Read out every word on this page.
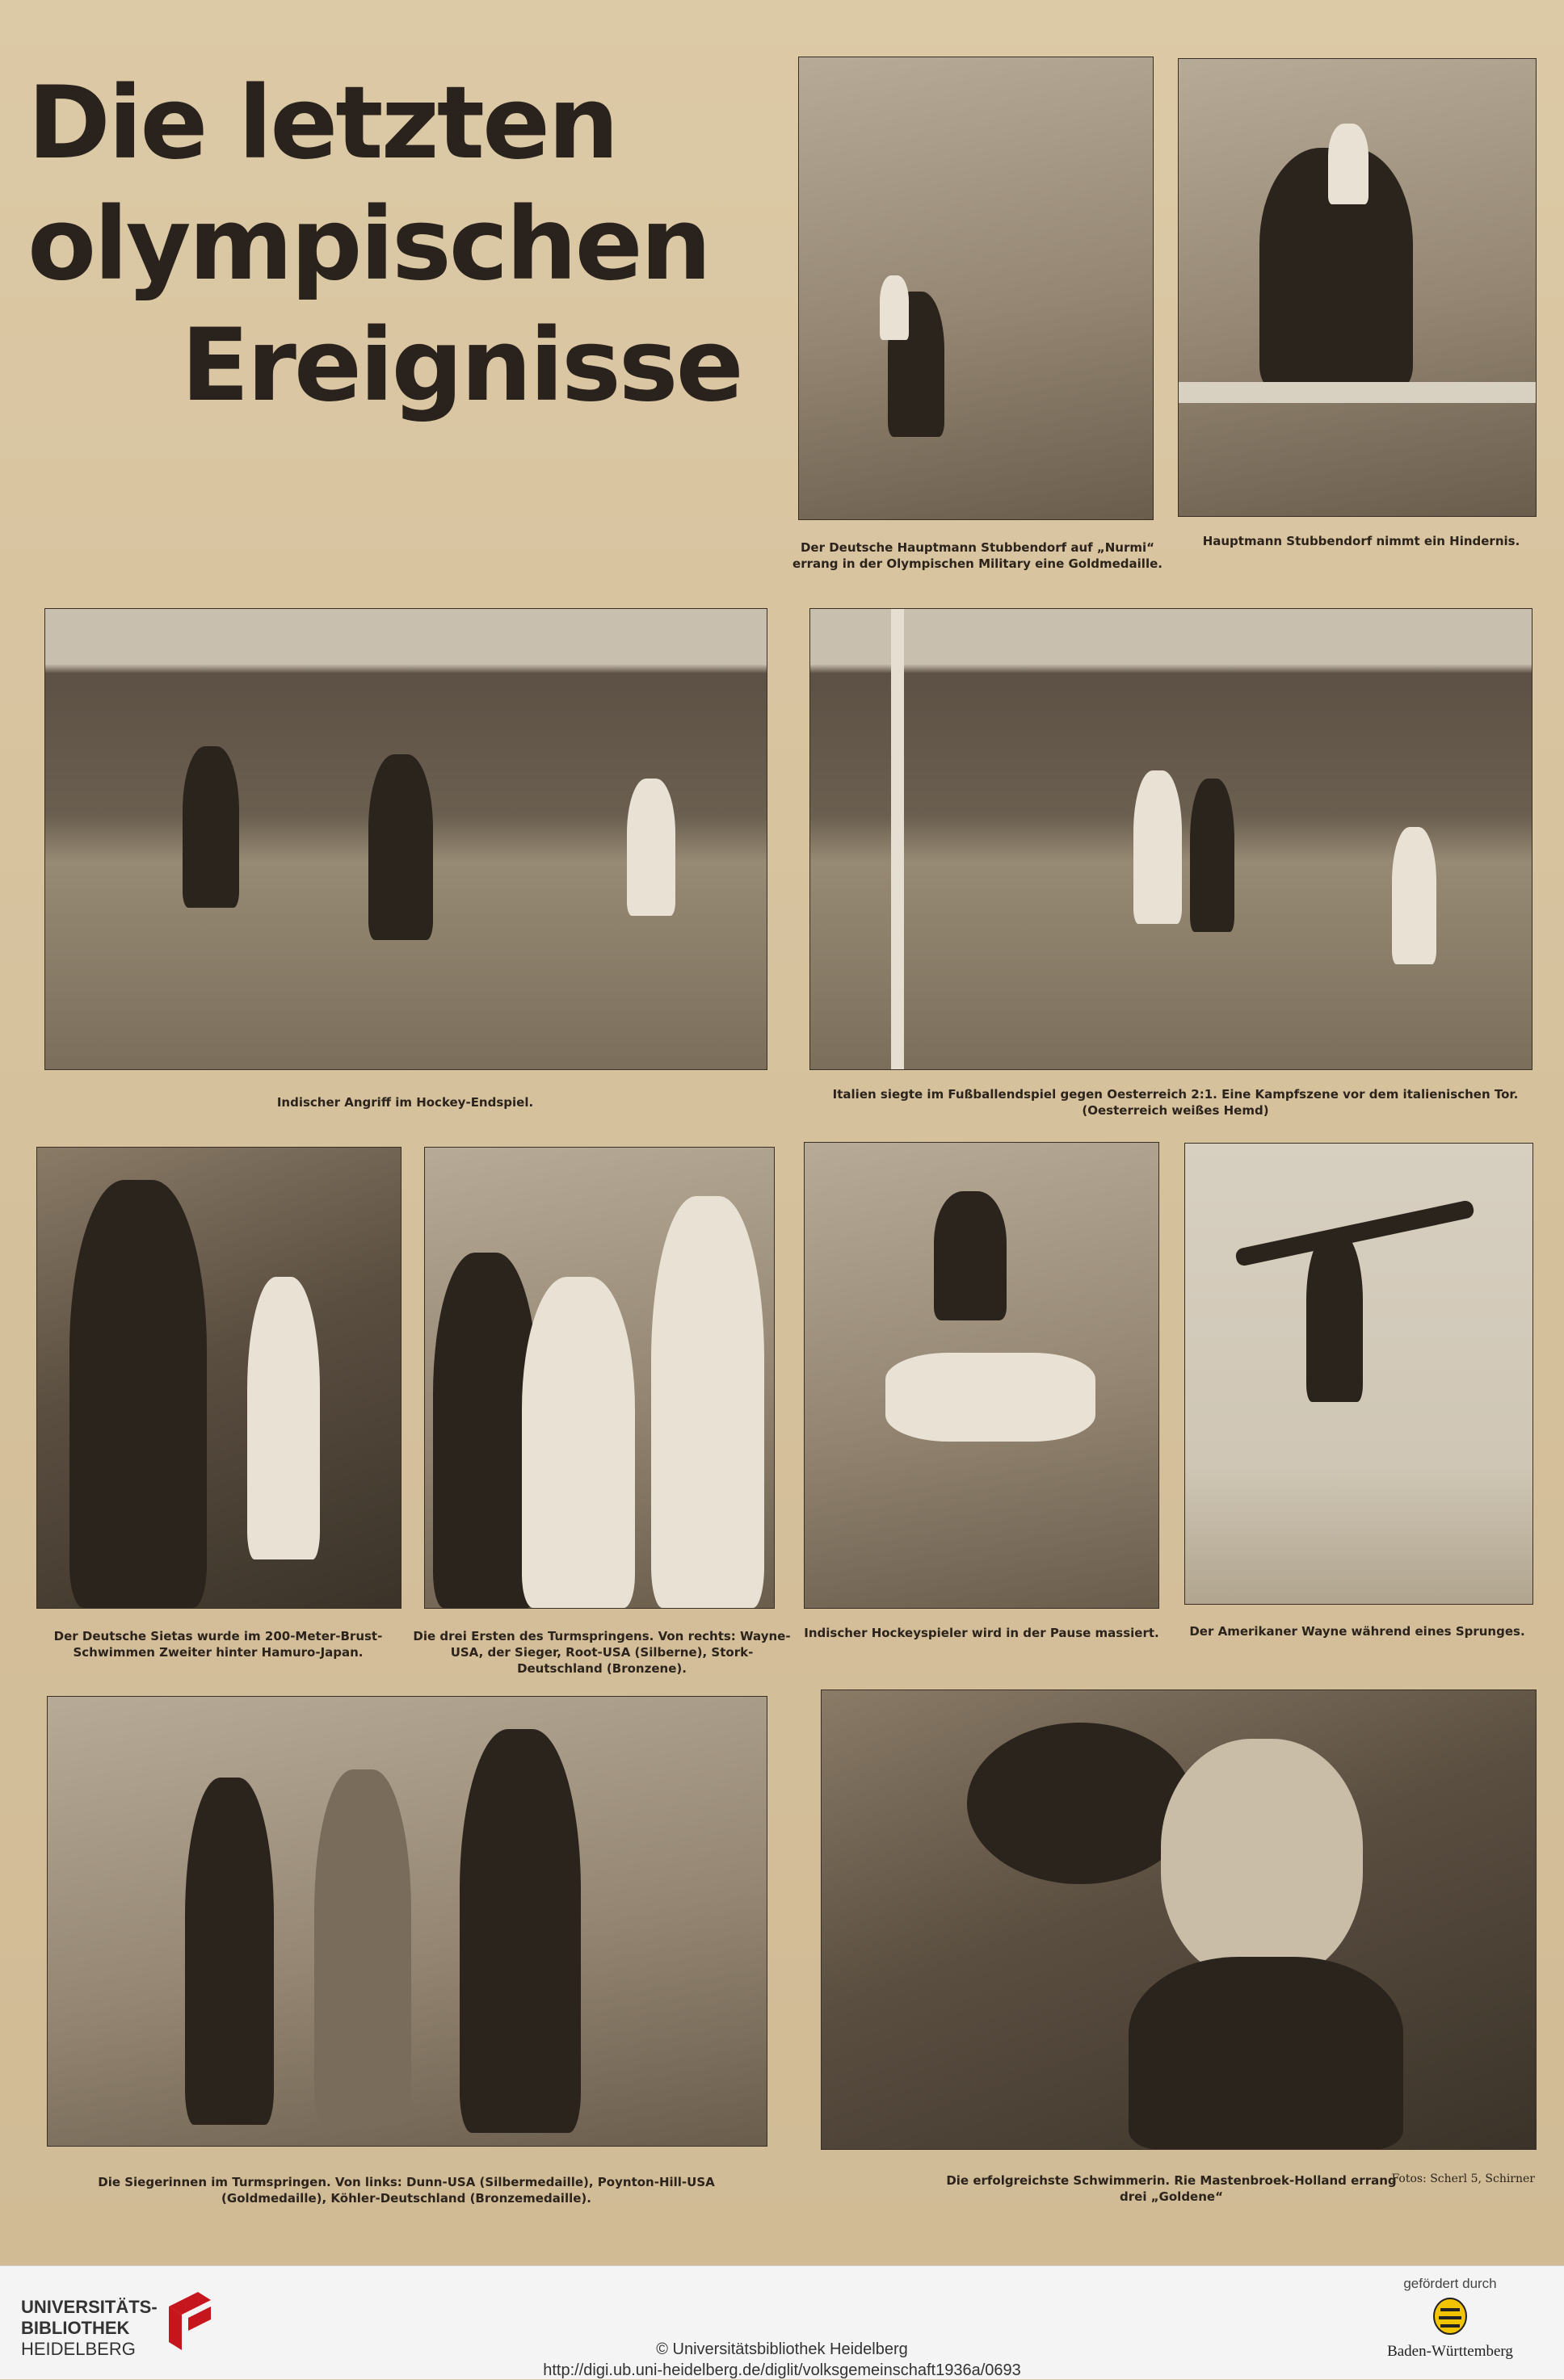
Die letzten
olympischen
Ereignisse

Der Deutsche Hauptmann Stubbendorf auf „Nurmi“ errang in der Olympischen Military eine Goldmedaille.

Hauptmann Stubbendorf nimmt ein Hindernis.

Indischer Angriff im Hockey-Endspiel.

Italien siegte im Fußballendspiel gegen Oesterreich 2:1. Eine Kampfszene vor dem italienischen Tor. (Oesterreich weißes Hemd)

Der Deutsche Sietas wurde im 200-Meter-Brust-Schwimmen Zweiter hinter Hamuro-Japan.

Die drei Ersten des Turmspringens. Von rechts: Wayne-USA, der Sieger, Root-USA (Silberne), Stork-Deutschland (Bronzene).

Indischer Hockeyspieler wird in der Pause massiert.	Der Amerikaner Wayne während eines Sprunges.

Die Siegerinnen im Turmspringen. Von links: Dunn-USA (Silbermedaille), Poynton-Hill-USA (Goldmedaille), Köhler-Deutschland (Bronzemedaille).

Die erfolgreichste Schwimmerin. Rie Mastenbroek-Holland errang drei „Goldene“

Fotos: Scherl 5, Schirner

UNIVERSITÄTS-
BIBLIOTHEK
HEIDELBERG
gefördert durch
Baden-Württemberg
© Universitätsbibliothek Heidelberg
http://digi.ub.uni-heidelberg.de/diglit/volksgemeinschaft1936a/0693
